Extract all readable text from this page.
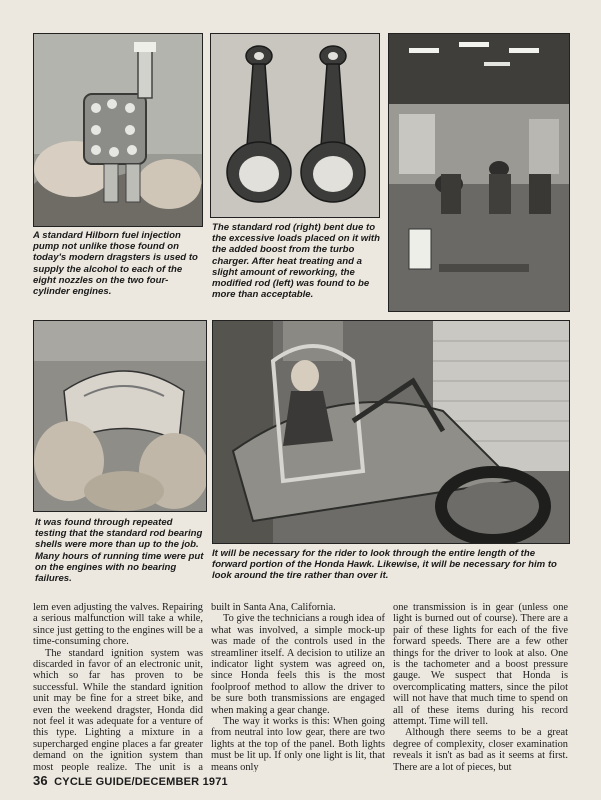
A standard Hilborn fuel injection pump not unlike those found on today's modern dragsters is used to supply the alcohol to each of the eight nozzles on the two four-cylinder engines.

The standard rod (right) bent due to the excessive loads placed on it with the added boost from the turbo charger. After heat treating and a slight amount of reworking, the modified rod (left) was found to be more than acceptable.

It was found through repeated testing that the standard rod bearing shells were more than up to the job. Many hours of running time were put on the engines with no bearing failures.

It will be necessary for the rider to look through the entire length of the forward portion of the Honda Hawk. Likewise, it will be necessary for him to look around the tire rather than over it.

lem even adjusting the valves. Repairing a serious malfunction will take a while, since just getting to the engines will be a time-consuming chore.

The standard ignition system was discarded in favor of an electronic unit, which so far has proven to be successful. While the standard ignition unit may be fine for a street bike, and even the weekend dragster, Honda did not feel it was adequate for a venture of this type. Lighting a mixture in a supercharged engine places a far greater demand on the ignition system than most people realize. The unit is a

built in Santa Ana, California.

To give the technicians a rough idea of what was involved, a simple mock-up was made of the controls used in the streamliner itself. A decision to utilize an indicator light system was agreed on, since Honda feels this is the most foolproof method to allow the driver to be sure both transmissions are engaged when making a gear change.

The way it works is this: When going from neutral into low gear, there are two lights at the top of the panel. Both lights must be lit up. If only one light is lit, that means only

one transmission is in gear (unless one light is burned out of course). There are a pair of these lights for each of the five forward speeds. There are a few other things for the driver to look at also. One is the tachometer and a boost pressure gauge. We suspect that Honda is overcomplicating matters, since the pilot will not have that much time to spend on all of these items during his record attempt. Time will tell.

Although there seems to be a great degree of complexity, closer examination reveals it isn't as bad as it seems at first. There are a lot of pieces, but

36 CYCLE GUIDE/DECEMBER 1971
